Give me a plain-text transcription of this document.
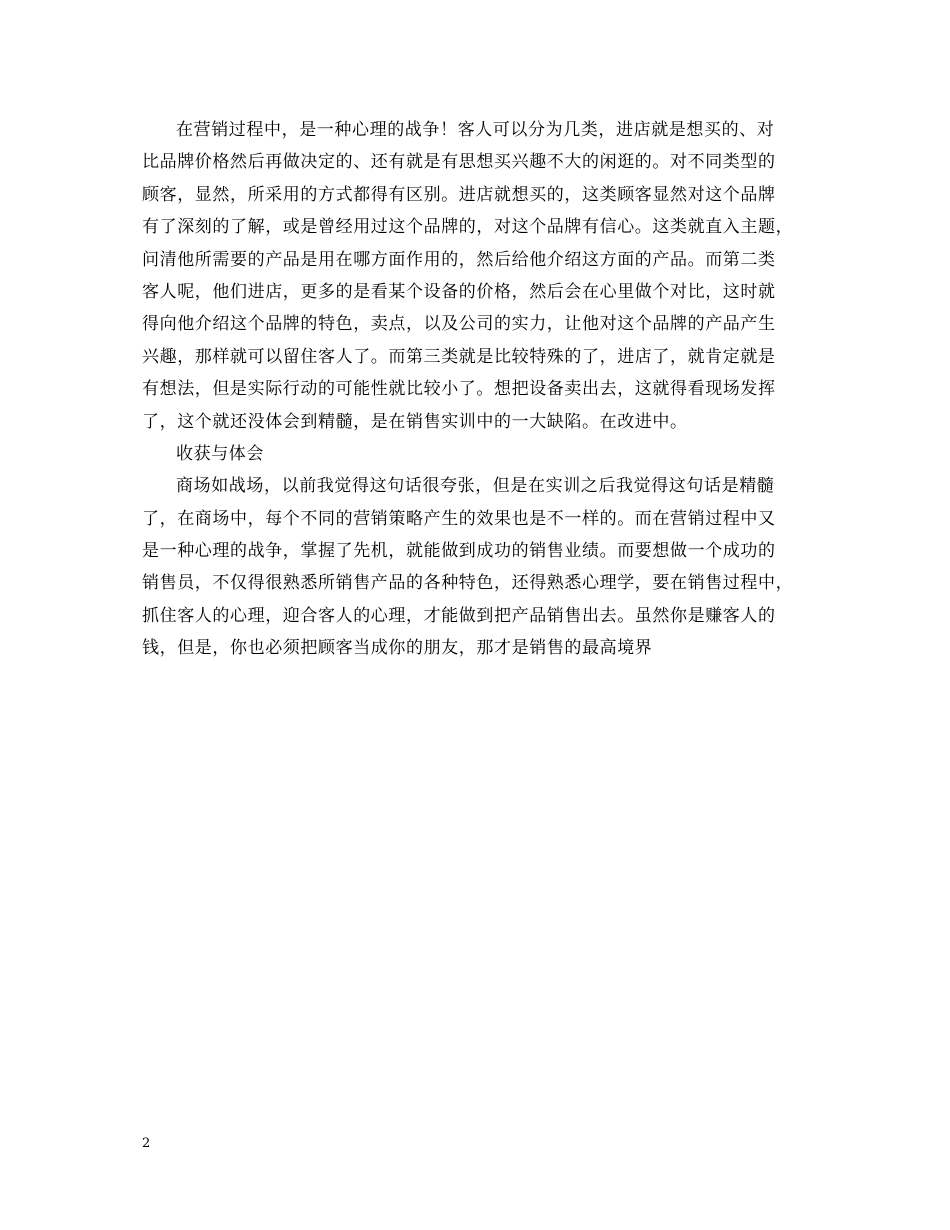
在营销过程中，是一种心理的战争！客人可以分为几类，进店就是想买的、对
比品牌价格然后再做决定的、还有就是有思想买兴趣不大的闲逛的。对不同类型的
顾客，显然，所采用的方式都得有区别。进店就想买的，这类顾客显然对这个品牌
有了深刻的了解，或是曾经用过这个品牌的，对这个品牌有信心。这类就直入主题，
问清他所需要的产品是用在哪方面作用的，然后给他介绍这方面的产品。而第二类
客人呢，他们进店，更多的是看某个设备的价格，然后会在心里做个对比，这时就
得向他介绍这个品牌的特色，卖点，以及公司的实力，让他对这个品牌的产品产生
兴趣，那样就可以留住客人了。而第三类就是比较特殊的了，进店了，就肯定就是
有想法，但是实际行动的可能性就比较小了。想把设备卖出去，这就得看现场发挥
了，这个就还没体会到精髓，是在销售实训中的一大缺陷。在改进中。
收获与体会
商场如战场，以前我觉得这句话很夸张，但是在实训之后我觉得这句话是精髓
了，在商场中，每个不同的营销策略产生的效果也是不一样的。而在营销过程中又
是一种心理的战争，掌握了先机，就能做到成功的销售业绩。而要想做一个成功的
销售员，不仅得很熟悉所销售产品的各种特色，还得熟悉心理学，要在销售过程中，
抓住客人的心理，迎合客人的心理，才能做到把产品销售出去。虽然你是赚客人的
钱，但是，你也必须把顾客当成你的朋友，那才是销售的最高境界
2
